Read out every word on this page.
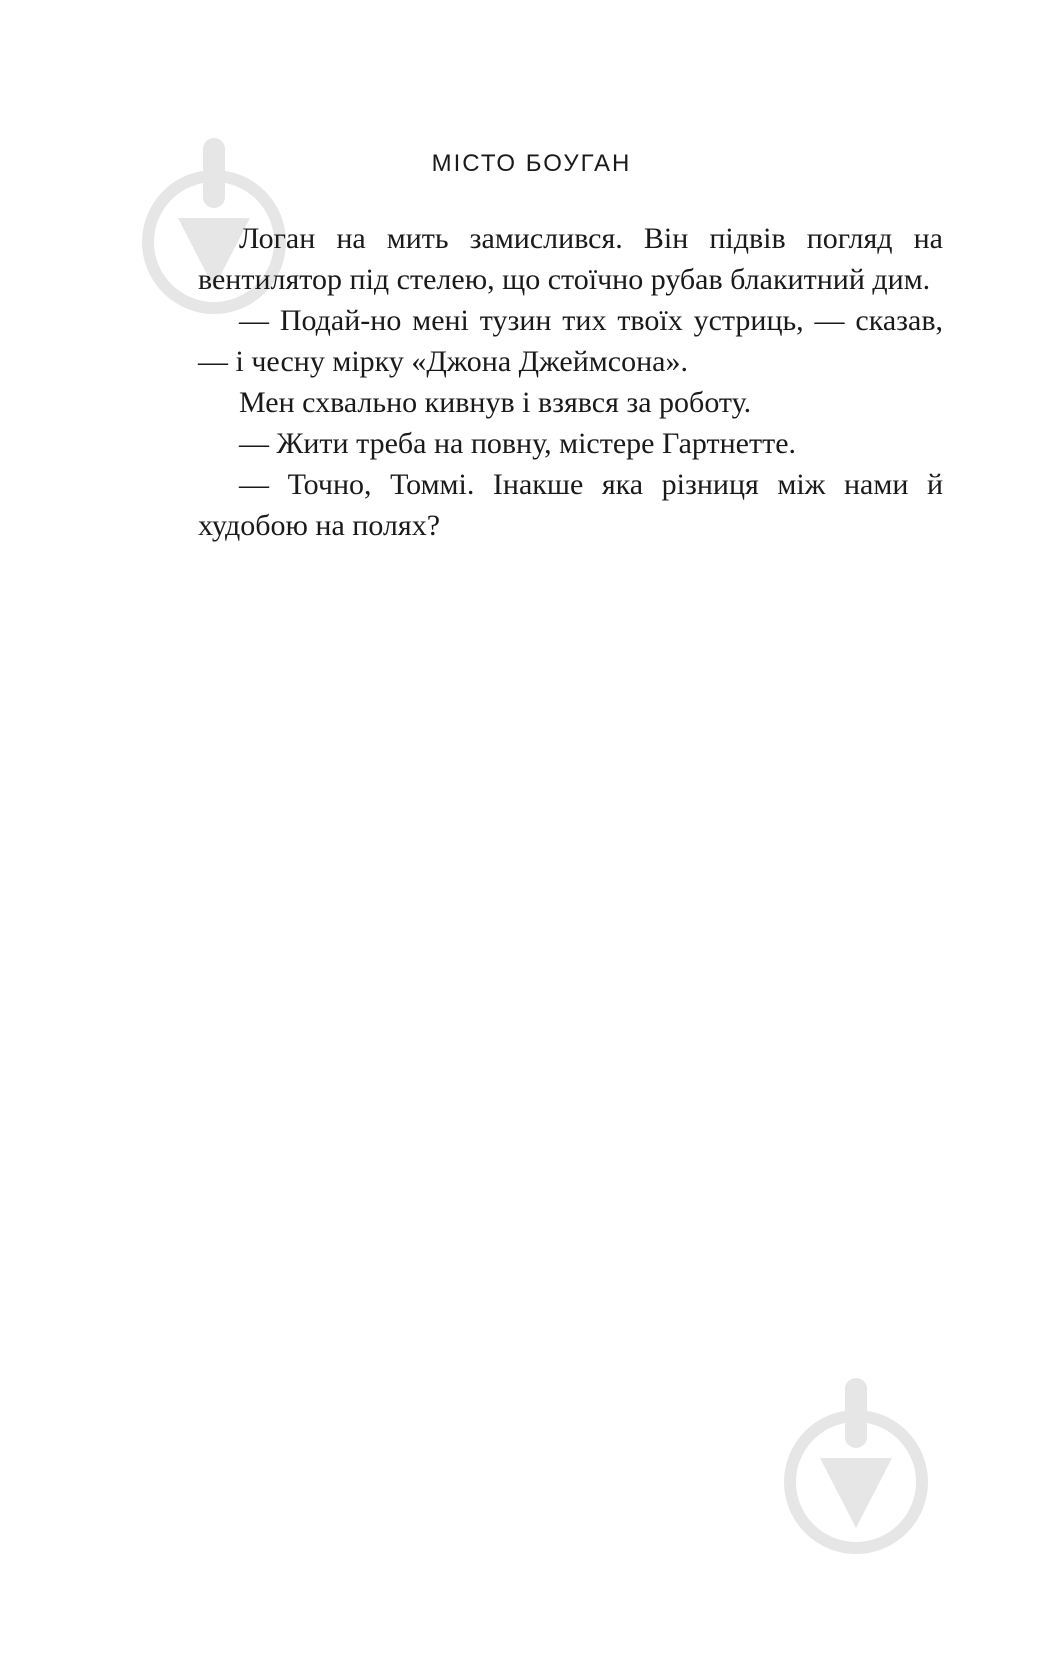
МІСТО БОУГАН

Логан на мить замислився. Він підвів погляд на вентилятор під стелею, що стоїчно рубав блакитний дим.

— Подай-но мені тузин тих твоїх устриць, — сказав, — і чесну мірку «Джона Джеймсона».

Мен схвально кивнув і взявся за роботу.

— Жити треба на повну, містере Гартнетте.

— Точно, Томмі. Інакше яка різниця між нами й худобою на полях?
